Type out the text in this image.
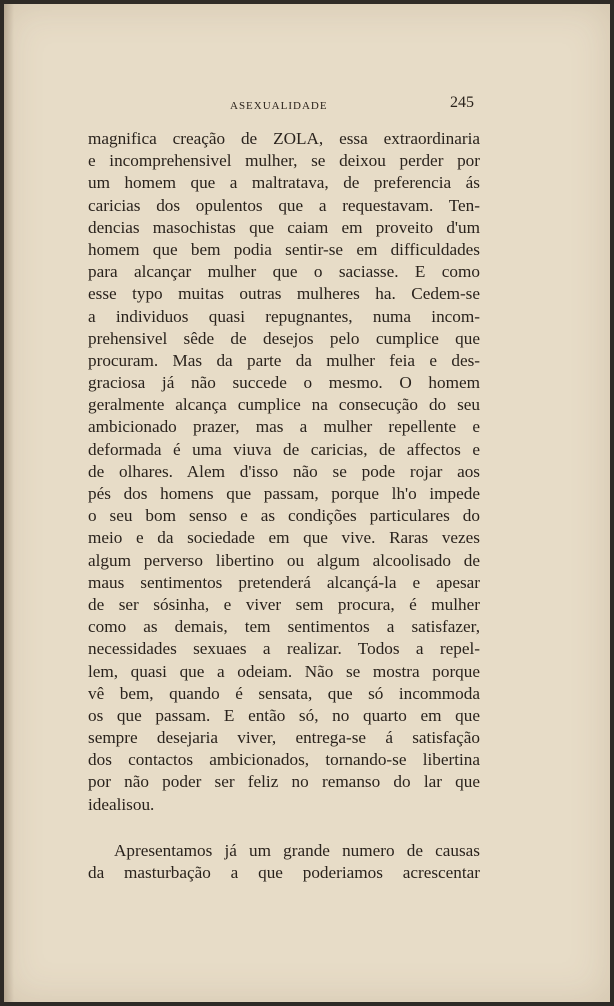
ASEXUALIDADE	245
magnifica creação de ZOLA, essa extraordinaria
e incomprehensivel mulher, se deixou perder por
um homem que a maltratava, de preferencia ás
caricias dos opulentos que a requestavam. Ten-
dencias masochistas que caiam em proveito d'um
homem que bem podia sentir-se em difficuldades
para alcançar mulher que o saciasse. E como
esse typo muitas outras mulheres ha. Cedem-se
a individuos quasi repugnantes, numa incom-
prehensivel sêde de desejos pelo cumplice que
procuram. Mas da parte da mulher feia e des-
graciosa já não succede o mesmo. O homem
geralmente alcança cumplice na consecução do seu
ambicionado prazer, mas a mulher repellente e
deformada é uma viuva de caricias, de affectos e
de olhares. Alem d'isso não se pode rojar aos
pés dos homens que passam, porque lh'o impede
o seu bom senso e as condições particulares do
meio e da sociedade em que vive. Raras vezes
algum perverso libertino ou algum alcoolisado de
maus sentimentos pretenderá alcançá-la e apesar
de ser sósinha, e viver sem procura, é mulher
como as demais, tem sentimentos a satisfazer,
necessidades sexuaes a realizar. Todos a repel-
lem, quasi que a odeiam. Não se mostra porque
vê bem, quando é sensata, que só incommoda
os que passam. E então só, no quarto em que
sempre desejaria viver, entrega-se á satisfação
dos contactos ambicionados, tornando-se libertina
por não poder ser feliz no remanso do lar que
idealisou.
Apresentamos já um grande numero de causas
da masturbação a que poderiamos acrescentar
